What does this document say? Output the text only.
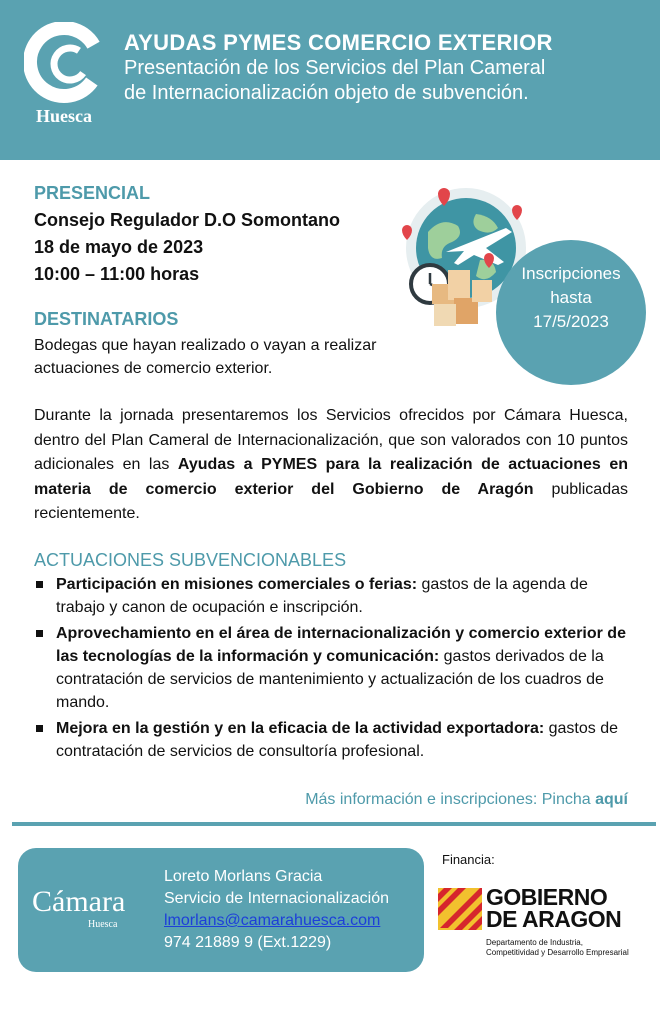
Huesca
AYUDAS PYMES COMERCIO EXTERIOR
Presentación de los Servicios del Plan Cameral
de Internacionalización objeto de subvención.
PRESENCIAL
Consejo Regulador D.O Somontano
18 de mayo de 2023
10:00 – 11:00 horas	Inscripciones
hasta
17/5/2023
DESTINATARIOS
Bodegas que hayan realizado o vayan a realizar
actuaciones de comercio exterior.
Durante la jornada presentaremos los Servicios ofrecidos por Cámara Huesca, dentro del Plan Cameral de Internacionalización, que son valorados con 10 puntos adicionales en las Ayudas a PYMES para la realización de actuaciones en materia de comercio exterior del Gobierno de Aragón publicadas recientemente.
ACTUACIONES SUBVENCIONABLES
Participación en misiones comerciales o ferias: gastos de la agenda de trabajo y canon de ocupación e inscripción.
Aprovechamiento en el área de internacionalización y comercio exterior de las tecnologías de la información y comunicación: gastos derivados de la contratación de servicios de mantenimiento y actualización de los cuadros de mando.
Mejora en la gestión y en la eficacia de la actividad exportadora: gastos de contratación de servicios de consultoría profesional.
Más información e inscripciones: Pincha aquí
Cámara
Huesca
Loreto Morlans Gracia
Servicio de Internacionalización
lmorlans@camarahuesca.com
974 21889 9 (Ext.1229)
Financia:
GOBIERNO
DE ARAGON
Departamento de Industria,
Competitividad y Desarrollo Empresarial
